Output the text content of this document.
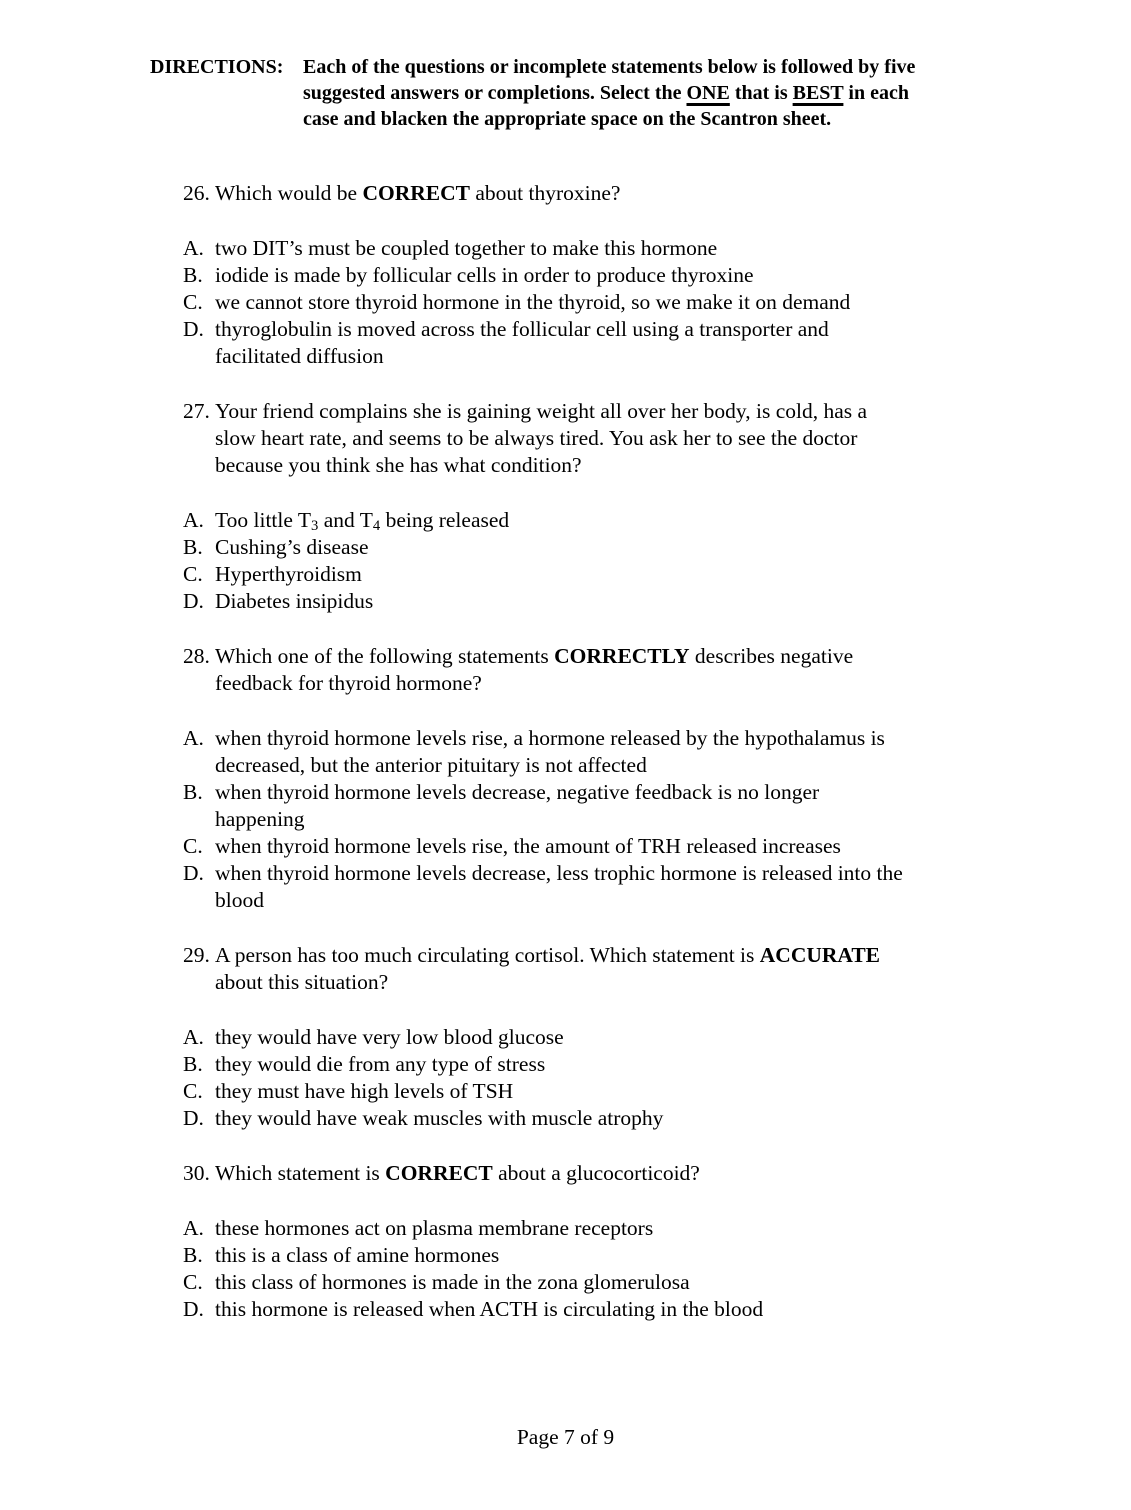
DIRECTIONS: Each of the questions or incomplete statements below is followed by five
suggested answers or completions. Select the ONE that is BEST in each
case and blacken the appropriate space on the Scantron sheet.
26. Which would be CORRECT about thyroxine?
A. two DIT’s must be coupled together to make this hormone
B. iodide is made by follicular cells in order to produce thyroxine
C. we cannot store thyroid hormone in the thyroid, so we make it on demand
D. thyroglobulin is moved across the follicular cell using a transporter and
facilitated diffusion
27. Your friend complains she is gaining weight all over her body, is cold, has a
slow heart rate, and seems to be always tired. You ask her to see the doctor
because you think she has what condition?
A. Too little $T_3$ and $T_4$ being released
B. Cushing’s disease
C. Hyperthyroidism
D. Diabetes insipidus
28. Which one of the following statements CORRECTLY describes negative
feedback for thyroid hormone?
A. when thyroid hormone levels rise, a hormone released by the hypothalamus is
decreased, but the anterior pituitary is not affected
B. when thyroid hormone levels decrease, negative feedback is no longer
happening
C. when thyroid hormone levels rise, the amount of TRH released increases
D. when thyroid hormone levels decrease, less trophic hormone is released into the
blood
29. A person has too much circulating cortisol. Which statement is ACCURATE
about this situation?
A. they would have very low blood glucose
B. they would die from any type of stress
C. they must have high levels of TSH
D. they would have weak muscles with muscle atrophy
30. Which statement is CORRECT about a glucocorticoid?
A. these hormones act on plasma membrane receptors
B. this is a class of amine hormones
C. this class of hormones is made in the zona glomerulosa
D. this hormone is released when ACTH is circulating in the blood
Page 7 of 9
